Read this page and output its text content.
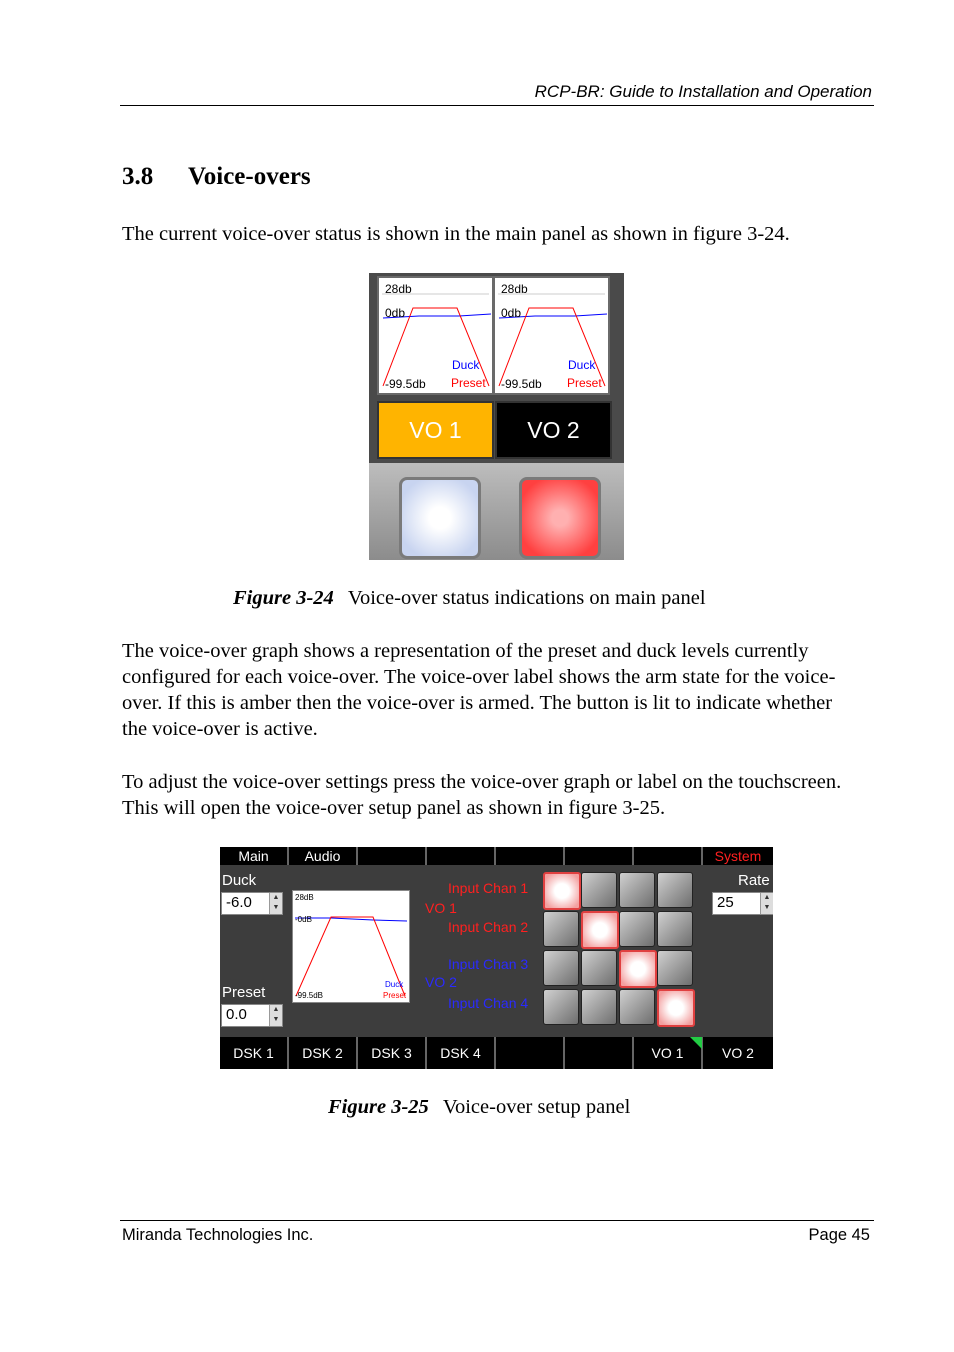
RCP-BR: Guide to Installation and Operation
3.8 Voice-overs
The current voice-over status is shown in the main panel as shown in figure 3-24.
28db
0db
-99.5db
Duck
Preset
28db
0db
-99.5db
Duck
Preset
VO 1	VO 2
Figure 3-24 Voice-over status indications on main panel
The voice-over graph shows a representation of the preset and duck levels currently configured for each voice-over. The voice-over label shows the arm state for the voice-over. If this is amber then the voice-over is armed. The button is lit to indicate whether the voice-over is active.
To adjust the voice-over settings press the voice-over graph or label on the touchscreen. This will open the voice-over setup panel as shown in figure 3-25.
Main	Audio	System
Duck
-6.0	▲
▼
Preset
0.0	▲
▼
Rate
25	▲
▼
28dB
-0dB
-99.5dB
Duck
Preset
Input Chan 1
VO 1
Input Chan 2
Input Chan 3
VO 2
Input Chan 4
DSK 1	DSK 2	DSK 3	DSK 4	VO 1	VO 2
Figure 3-25 Voice-over setup panel
Miranda Technologies Inc.	Page 45
